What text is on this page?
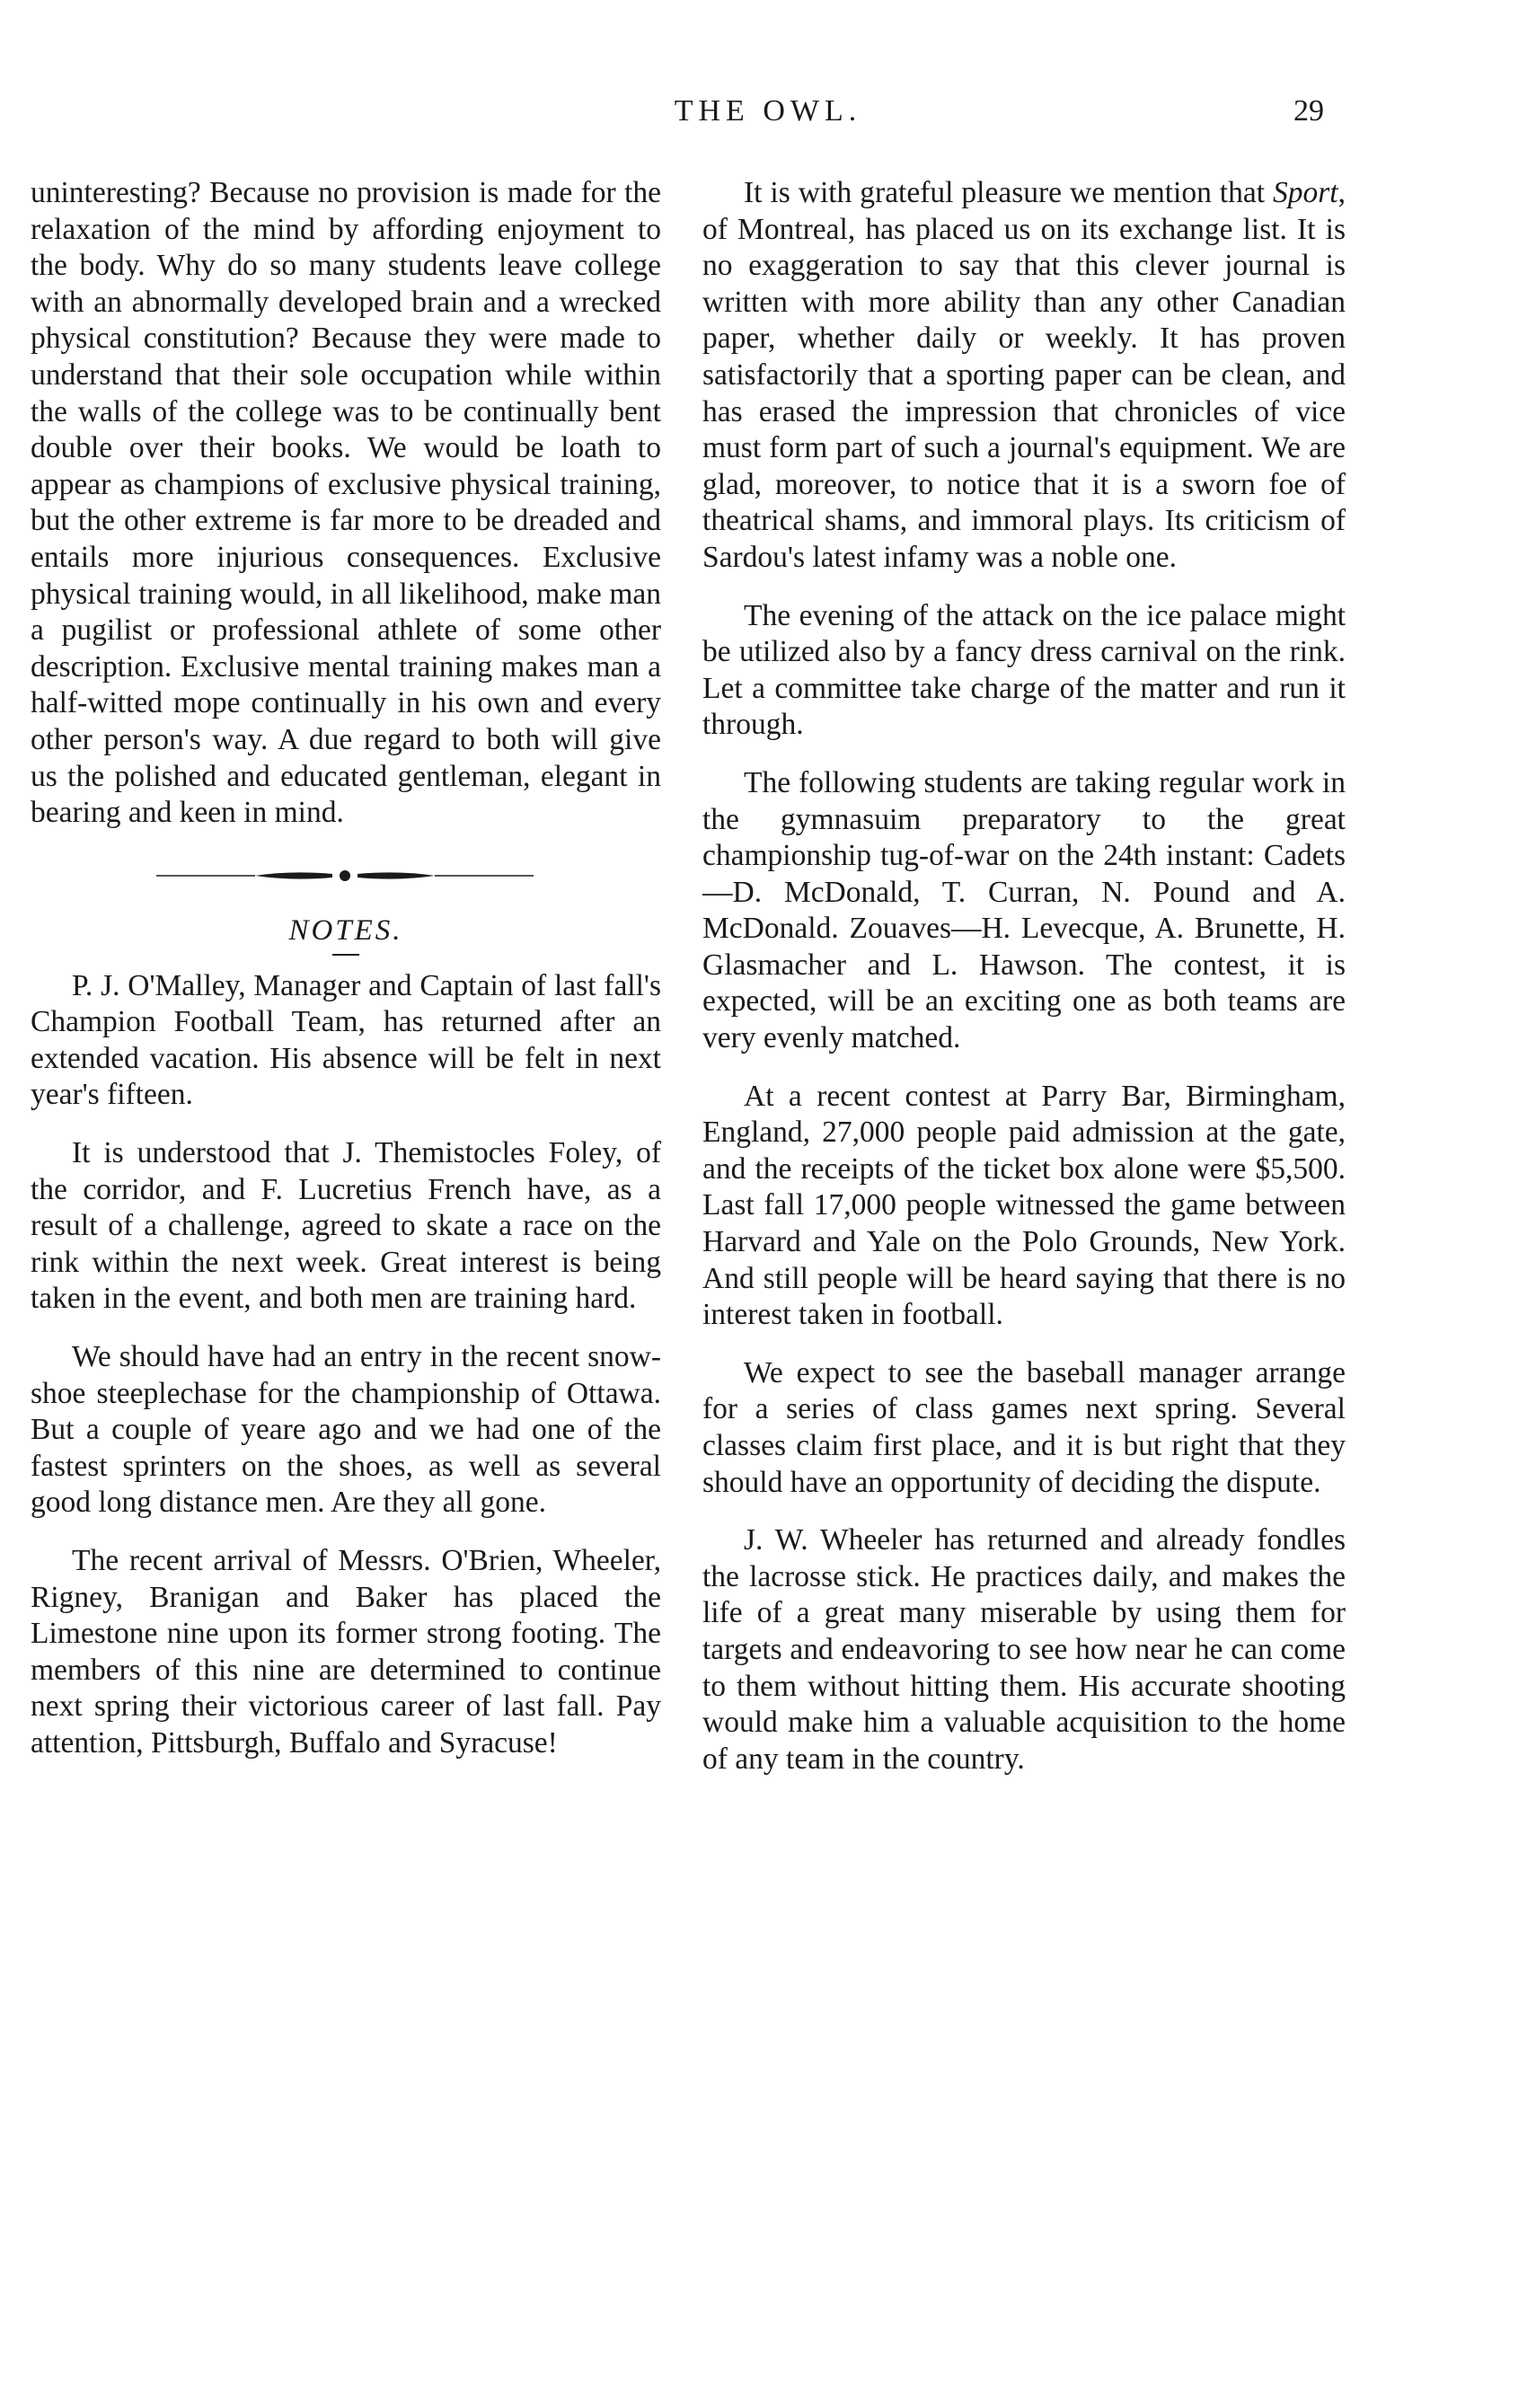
THE OWL.	29

uninteresting? Because no provision is made for the relaxation of the mind by affording enjoyment to the body. Why do so many students leave college with an abnormally developed brain and a wrecked physical constitution? Because they were made to understand that their sole occupation while within the walls of the college was to be continually bent double over their books. We would be loath to appear as champions of exclusive physical training, but the other extreme is far more to be dreaded and entails more injurious consequences. Exclusive physical training would, in all likelihood, make man a pugilist or professional athlete of some other description. Exclusive mental training makes man a half-witted mope continually in his own and every other person's way. A due regard to both will give us the polished and educated gentleman, elegant in bearing and keen in mind.

NOTES.

P. J. O'Malley, Manager and Captain of last fall's Champion Football Team, has returned after an extended vacation. His absence will be felt in next year's fifteen.

It is understood that J. Themistocles Foley, of the corridor, and F. Lucretius French have, as a result of a challenge, agreed to skate a race on the rink within the next week. Great interest is being taken in the event, and both men are training hard.

We should have had an entry in the recent snow-shoe steeplechase for the championship of Ottawa. But a couple of yeare ago and we had one of the fastest sprinters on the shoes, as well as several good long distance men. Are they all gone.

The recent arrival of Messrs. O'Brien, Wheeler, Rigney, Branigan and Baker has placed the Limestone nine upon its former strong footing. The members of this nine are determined to continue next spring their victorious career of last fall. Pay attention, Pittsburgh, Buffalo and Syracuse!

It is with grateful pleasure we mention that Sport, of Montreal, has placed us on its exchange list. It is no exaggeration to say that this clever journal is written with more ability than any other Canadian paper, whether daily or weekly. It has proven satisfactorily that a sporting paper can be clean, and has erased the impression that chronicles of vice must form part of such a journal's equipment. We are glad, moreover, to notice that it is a sworn foe of theatrical shams, and immoral plays. Its criticism of Sardou's latest infamy was a noble one.

The evening of the attack on the ice palace might be utilized also by a fancy dress carnival on the rink. Let a committee take charge of the matter and run it through.

The following students are taking regular work in the gymnasuim preparatory to the great championship tug-of-war on the 24th instant: Cadets—D. McDonald, T. Curran, N. Pound and A. McDonald. Zouaves—H. Levecque, A. Brunette, H. Glasmacher and L. Hawson. The contest, it is expected, will be an exciting one as both teams are very evenly matched.

At a recent contest at Parry Bar, Birmingham, England, 27,000 people paid admission at the gate, and the receipts of the ticket box alone were $5,500. Last fall 17,000 people witnessed the game between Harvard and Yale on the Polo Grounds, New York. And still people will be heard saying that there is no interest taken in football.

We expect to see the baseball manager arrange for a series of class games next spring. Several classes claim first place, and it is but right that they should have an opportunity of deciding the dispute.

J. W. Wheeler has returned and already fondles the lacrosse stick. He practices daily, and makes the life of a great many miserable by using them for targets and endeavoring to see how near he can come to them without hitting them. His accurate shooting would make him a valuable acquisition to the home of any team in the country.
